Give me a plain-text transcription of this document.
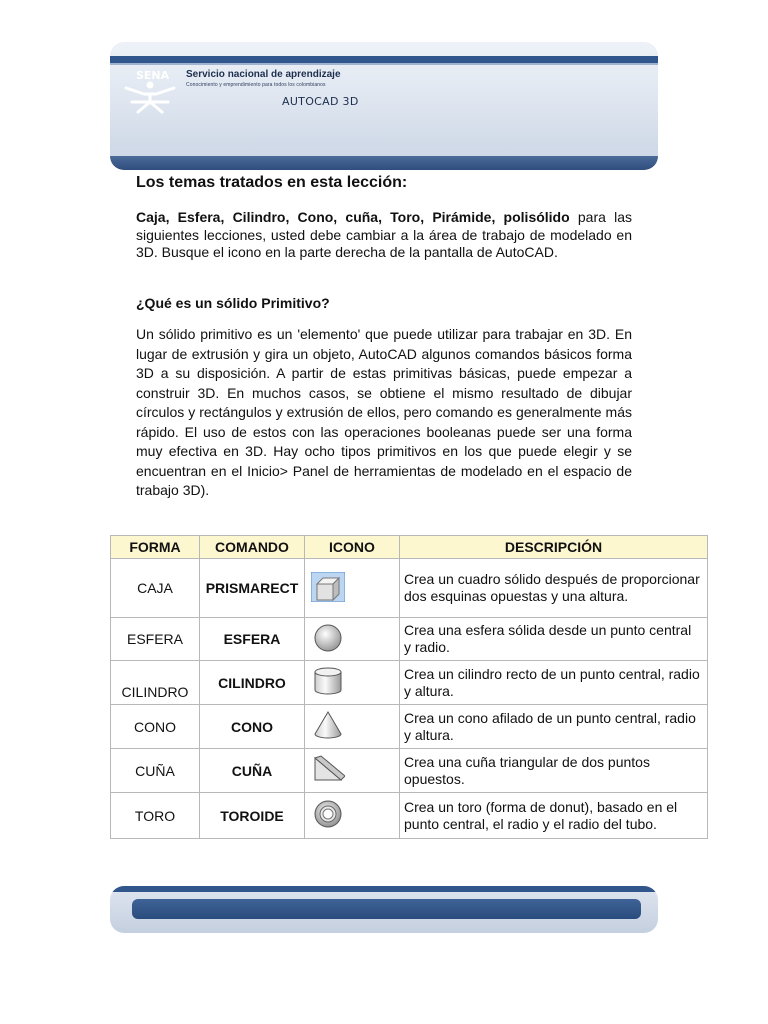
SENA Servicio nacional de aprendizaje
Conocimiento y emprendimiento para todos los colombianos
AUTOCAD 3D
Los temas tratados en esta lección:

Caja, Esfera, Cilindro, Cono, cuña, Toro, Pirámide, polisólido para las siguientes lecciones, usted debe cambiar a la área de trabajo de modelado en 3D. Busque el icono en la parte derecha de la pantalla de AutoCAD.

¿Qué es un sólido Primitivo?

Un sólido primitivo es un 'elemento' que puede utilizar para trabajar en 3D. En lugar de extrusión y gira un objeto, AutoCAD algunos comandos básicos forma 3D a su disposición. A partir de estas primitivas básicas, puede empezar a construir 3D. En muchos casos, se obtiene el mismo resultado de dibujar círculos y rectángulos y extrusión de ellos, pero comando es generalmente más rápido. El uso de estos con las operaciones booleanas puede ser una forma muy efectiva en 3D. Hay ocho tipos primitivos en los que puede elegir y se encuentran en el Inicio> Panel de herramientas de modelado en el espacio de trabajo 3D).

FORMA	COMANDO	ICONO	DESCRIPCIÓN
CAJA	PRISMARECT		Crea un cuadro sólido después de proporcionar dos esquinas opuestas y una altura.
ESFERA	ESFERA		Crea una esfera sólida desde un punto central y radio.
CILINDRO	CILINDRO		Crea un cilindro recto de un punto central, radio y altura.
CONO	CONO		Crea un cono afilado de un punto central, radio y altura.
CUÑA	CUÑA		Crea una cuña triangular de dos puntos opuestos.
TORO	TOROIDE		Crea un toro (forma de donut), basado en el punto central, el radio y el radio del tubo.
